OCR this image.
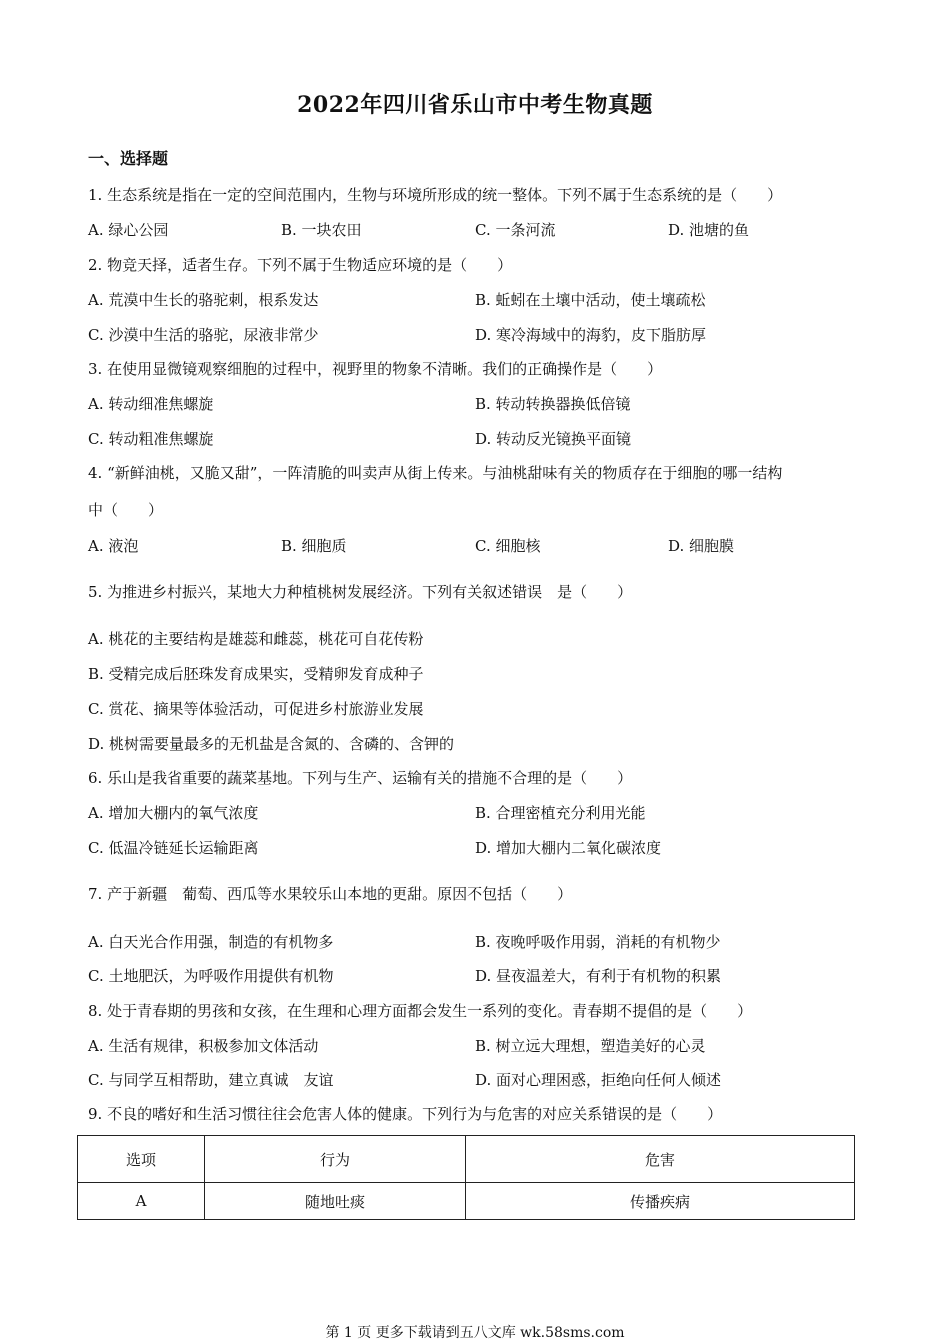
2022年四川省乐山市中考生物真题
一、选择题
1. 生态系统是指在一定的空间范围内，生物与环境所形成的统一整体。下列不属于生态系统的是（　　）
A. 绿心公园	B. 一块农田	C. 一条河流	D. 池塘的鱼
2. 物竞天择，适者生存。下列不属于生物适应环境的是（　　）
A. 荒漠中生长的骆驼刺，根系发达	B. 蚯蚓在土壤中活动，使土壤疏松
C. 沙漠中生活的骆驼，尿液非常少	D. 寒冷海域中的海豹，皮下脂肪厚
3. 在使用显微镜观察细胞的过程中，视野里的物象不清晰。我们的正确操作是（　　）
A. 转动细准焦螺旋	B. 转动转换器换低倍镜
C. 转动粗准焦螺旋	D. 转动反光镜换平面镜
4. “新鲜油桃，又脆又甜”，一阵清脆的叫卖声从街上传来。与油桃甜味有关的物质存在于细胞的哪一结构
中（　　）
A. 液泡	B. 细胞质	C. 细胞核	D. 细胞膜
5. 为推进乡村振兴，某地大力种植桃树发展经济。下列有关叙述错误　是（　　）
A. 桃花的主要结构是雄蕊和雌蕊，桃花可自花传粉
B. 受精完成后胚珠发育成果实，受精卵发育成种子
C. 赏花、摘果等体验活动，可促进乡村旅游业发展
D. 桃树需要量最多的无机盐是含氮的、含磷的、含钾的
6. 乐山是我省重要的蔬菜基地。下列与生产、运输有关的措施不合理的是（　　）
A. 增加大棚内的氧气浓度	B. 合理密植充分利用光能
C. 低温冷链延长运输距离	D. 增加大棚内二氧化碳浓度
7. 产于新疆　葡萄、西瓜等水果较乐山本地的更甜。原因不包括（　　）
A. 白天光合作用强，制造的有机物多	B. 夜晚呼吸作用弱，消耗的有机物少
C. 土地肥沃，为呼吸作用提供有机物	D. 昼夜温差大，有利于有机物的积累
8. 处于青春期的男孩和女孩，在生理和心理方面都会发生一系列的变化。青春期不提倡的是（　　）
A. 生活有规律，积极参加文体活动	B. 树立远大理想，塑造美好的心灵
C. 与同学互相帮助，建立真诚　友谊	D. 面对心理困惑，拒绝向任何人倾述
9. 不良的嗜好和生活习惯往往会危害人体的健康。下列行为与危害的对应关系错误的是（　　）
选项	行为	危害
A	随地吐痰	传播疾病
第 1 页 更多下载请到五八文库 wk.58sms.com
